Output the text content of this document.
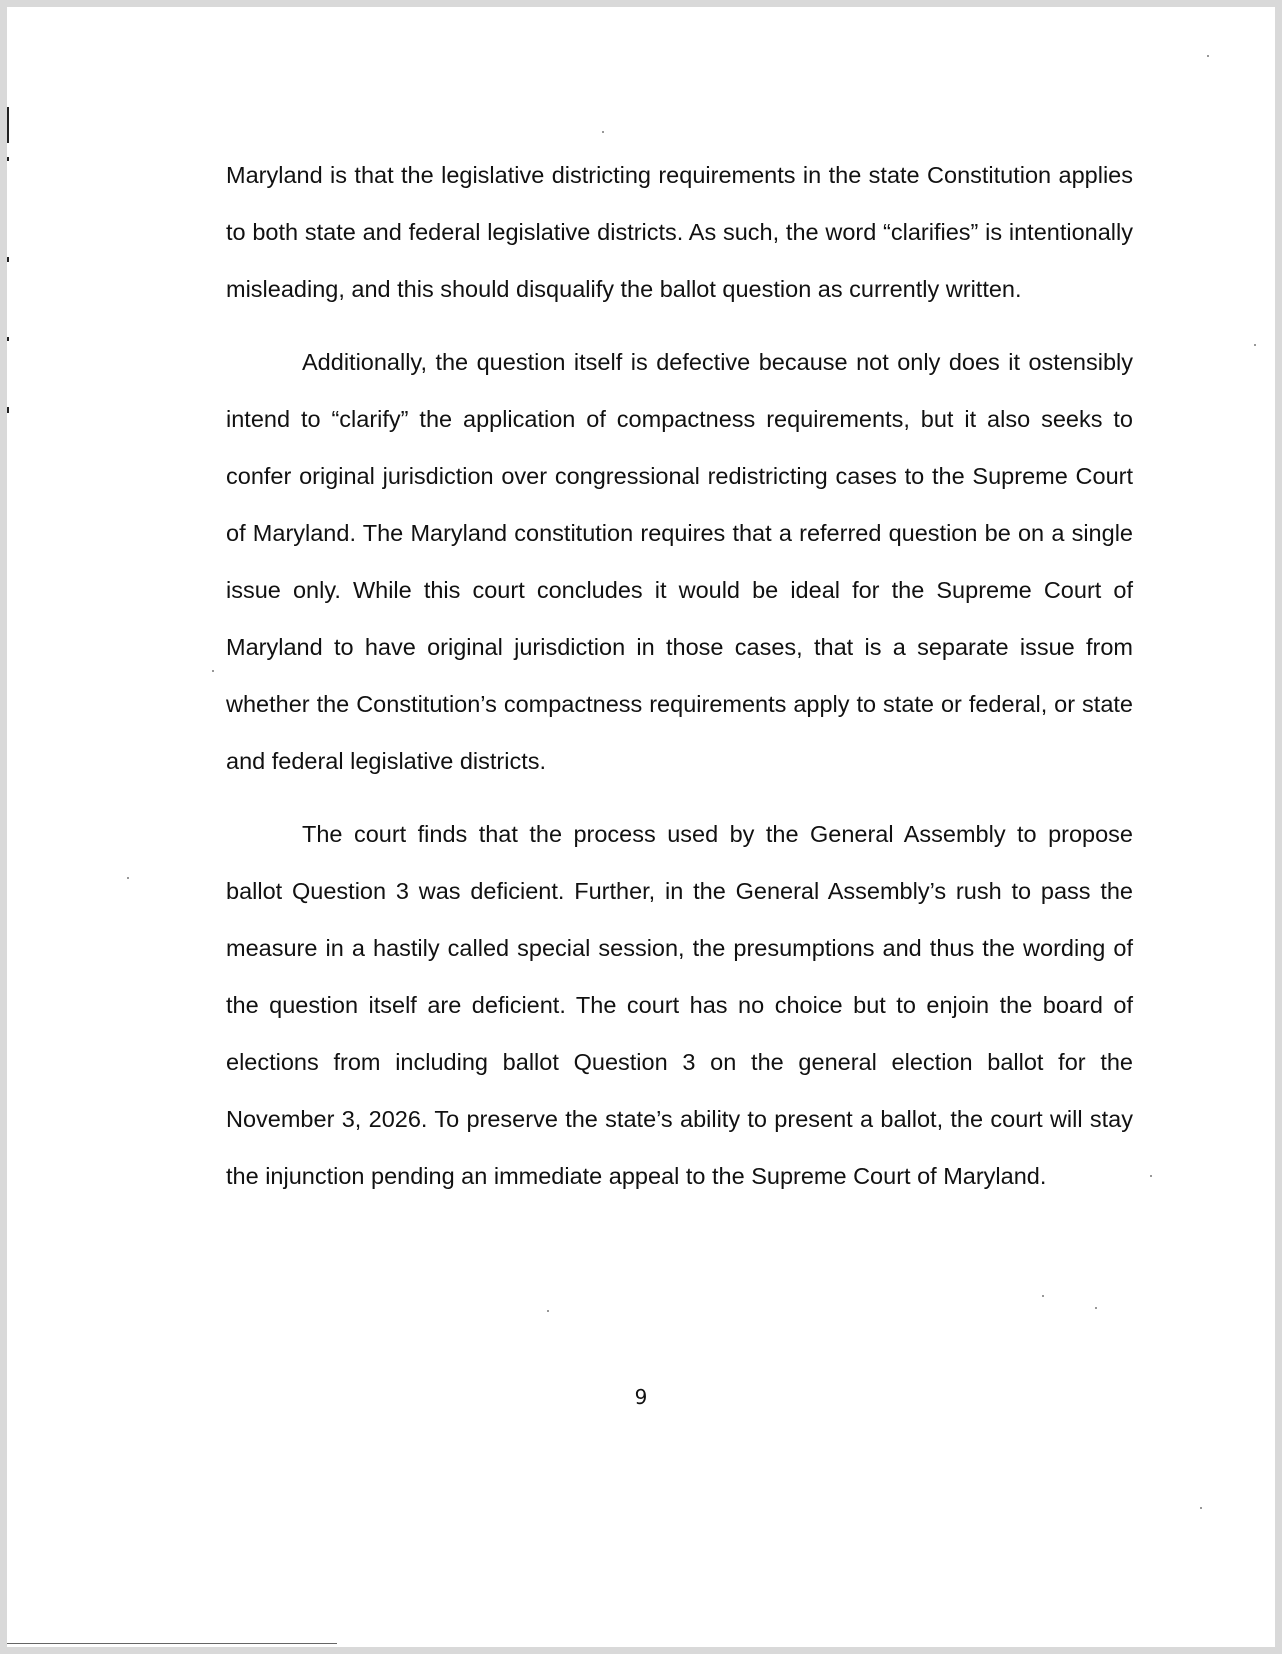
Maryland is that the legislative districting requirements in the state Constitution applies to both state and federal legislative districts. As such, the word “clarifies” is intentionally misleading, and this should disqualify the ballot question as currently written.

Additionally, the question itself is defective because not only does it ostensibly intend to “clarify” the application of compactness requirements, but it also seeks to confer original jurisdiction over congressional redistricting cases to the Supreme Court of Maryland. The Maryland constitution requires that a referred question be on a single issue only. While this court concludes it would be ideal for the Supreme Court of Maryland to have original jurisdiction in those cases, that is a separate issue from whether the Constitution’s compactness requirements apply to state or federal, or state and federal legislative districts.

The court finds that the process used by the General Assembly to propose ballot Question 3 was deficient. Further, in the General Assembly’s rush to pass the measure in a hastily called special session, the presumptions and thus the wording of the question itself are deficient. The court has no choice but to enjoin the board of elections from including ballot Question 3 on the general election ballot for the November 3, 2026. To preserve the state’s ability to present a ballot, the court will stay the injunction pending an immediate appeal to the Supreme Court of Maryland.

9
